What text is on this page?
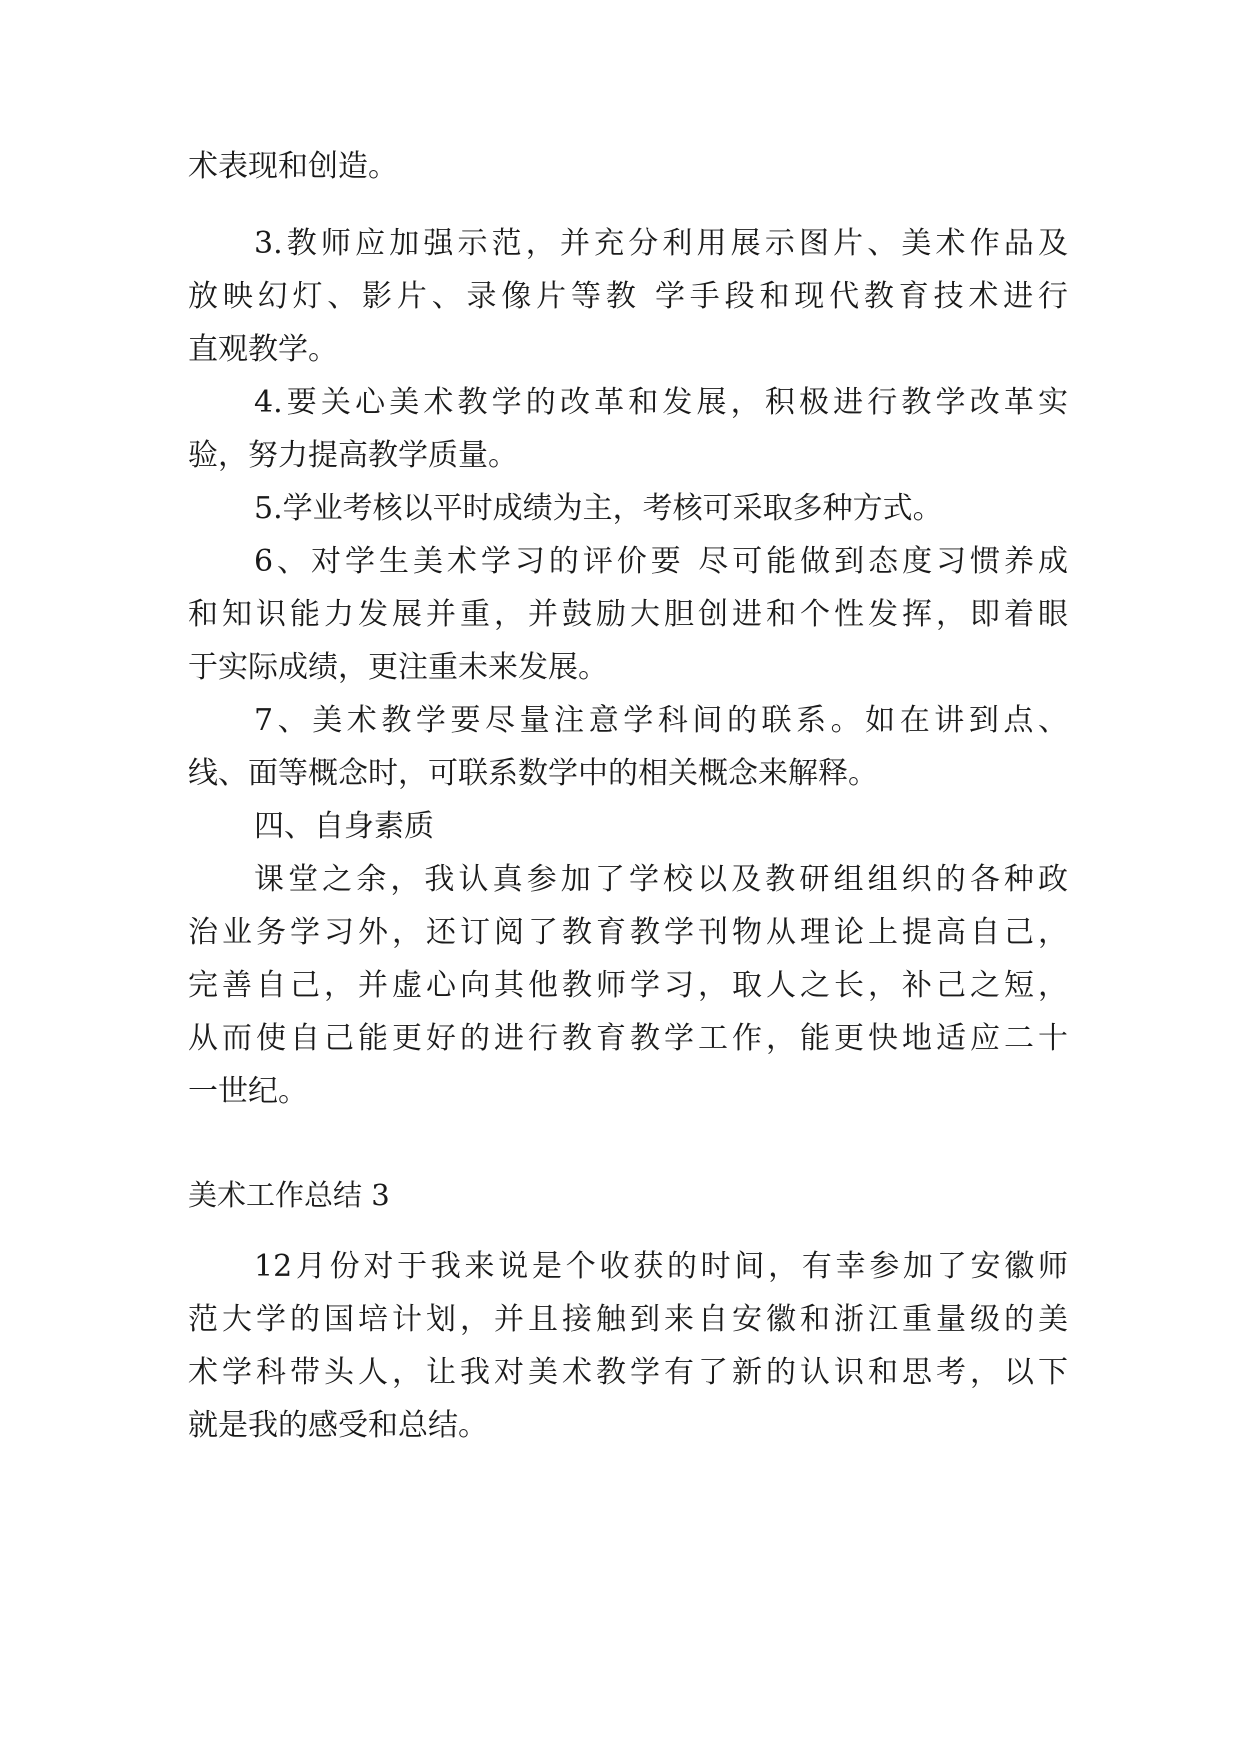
术表现和创造。

3.教师应加强示范，并充分利用展示图片、美术作品及

放映幻灯、影片、录像片等教 学手段和现代教育技术进行

直观教学。

4.要关心美术教学的改革和发展，积极进行教学改革实

验，努力提高教学质量。

5.学业考核以平时成绩为主，考核可采取多种方式。

6、对学生美术学习的评价要 尽可能做到态度习惯养成

和知识能力发展并重，并鼓励大胆创进和个性发挥，即着眼

于实际成绩，更注重未来发展。

7、美术教学要尽量注意学科间的联系。如在讲到点、

线、面等概念时，可联系数学中的相关概念来解释。

四、自身素质

课堂之余，我认真参加了学校以及教研组组织的各种政

治业务学习外，还订阅了教育教学刊物从理论上提高自己，

完善自己，并虚心向其他教师学习，取人之长，补己之短，

从而使自己能更好的进行教育教学工作，能更快地适应二十

一世纪。

美术工作总结 3

12月份对于我来说是个收获的时间，有幸参加了安徽师

范大学的国培计划，并且接触到来自安徽和浙江重量级的美

术学科带头人，让我对美术教学有了新的认识和思考，以下

就是我的感受和总结。
